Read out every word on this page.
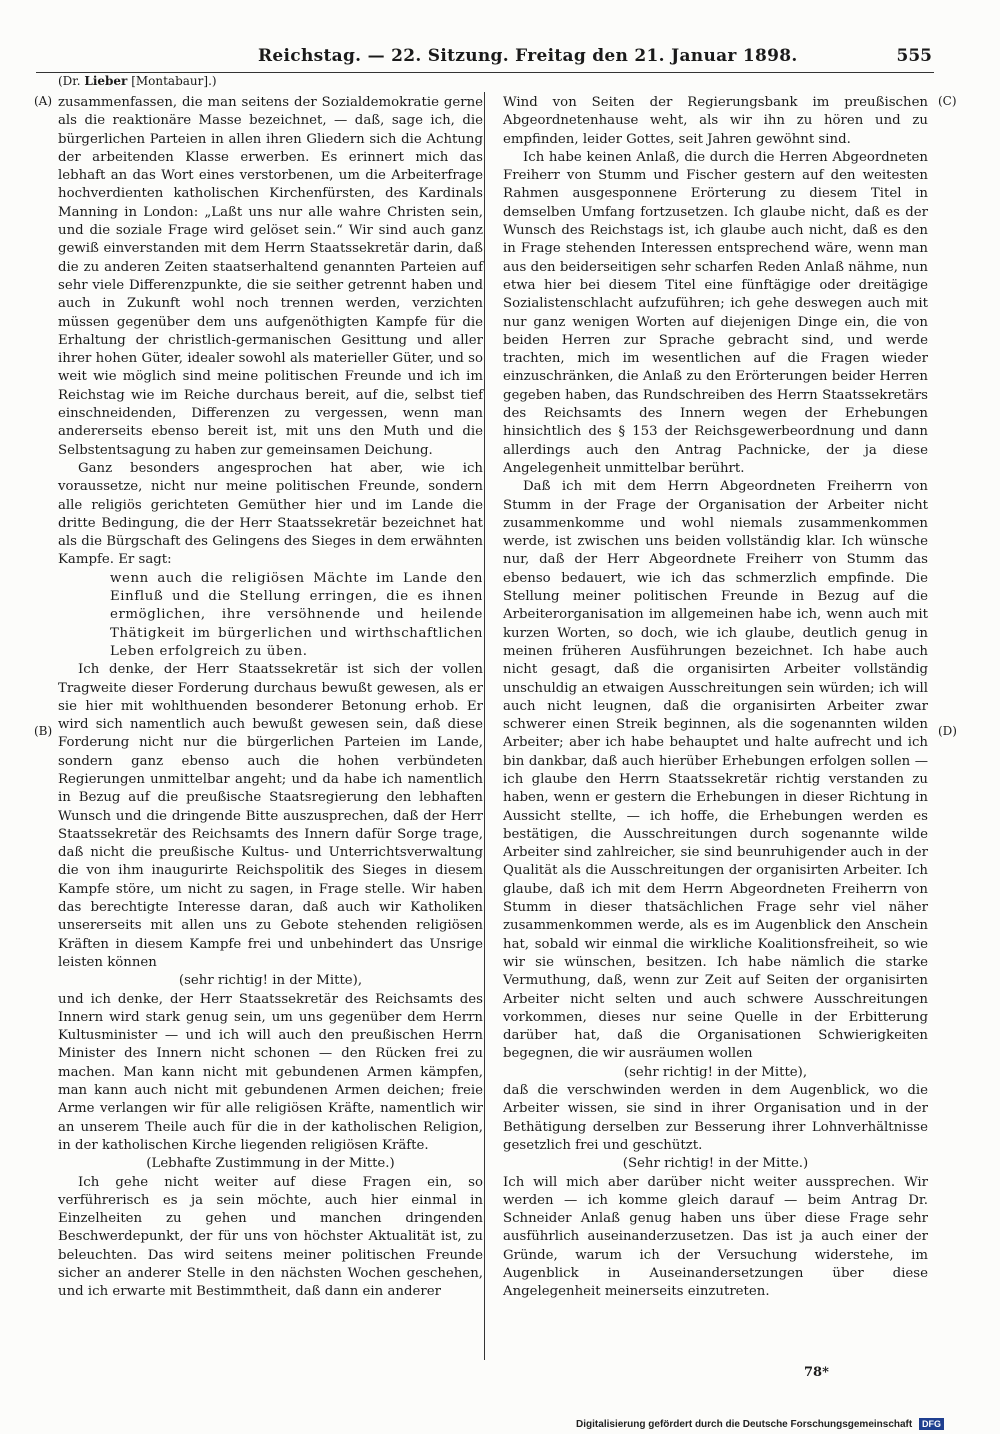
Reichstag. — 22. Sitzung. Freitag den 21. Januar 1898.	555
(Dr. Lieber [Montabaur].)
(A)
(B)
(C)
(D)

zusammenfassen, die man seitens der Sozialdemokratie gerne als die reaktionäre Masse bezeichnet, — daß, sage ich, die bürgerlichen Parteien in allen ihren Gliedern sich die Achtung der arbeitenden Klasse erwerben. Es erinnert mich das lebhaft an das Wort eines verstorbenen, um die Arbeiterfrage hochverdienten katholischen Kirchenfürsten, des Kardinals Manning in London: „Laßt uns nur alle wahre Christen sein, und die soziale Frage wird gelöset sein.“ Wir sind auch ganz gewiß einverstanden mit dem Herrn Staatssekretär darin, daß die zu anderen Zeiten staatserhaltend genannten Parteien auf sehr viele Differenzpunkte, die sie seither getrennt haben und auch in Zukunft wohl noch trennen werden, verzichten müssen gegenüber dem uns aufgenöthigten Kampfe für die Erhaltung der christlich-germanischen Gesittung und aller ihrer hohen Güter, idealer sowohl als materieller Güter, und so weit wie möglich sind meine politischen Freunde und ich im Reichstag wie im Reiche durchaus bereit, auf die, selbst tief einschneidenden, Differenzen zu vergessen, wenn man andererseits ebenso bereit ist, mit uns den Muth und die Selbstentsagung zu haben zur gemeinsamen Deichung.

Ganz besonders angesprochen hat aber, wie ich voraussetze, nicht nur meine politischen Freunde, sondern alle religiös gerichteten Gemüther hier und im Lande die dritte Bedingung, die der Herr Staatssekretär bezeichnet hat als die Bürgschaft des Gelingens des Sieges in dem erwähnten Kampfe. Er sagt:

wenn auch die religiösen Mächte im Lande den Einfluß und die Stellung erringen, die es ihnen ermöglichen, ihre versöhnende und heilende Thätigkeit im bürgerlichen und wirthschaftlichen Leben erfolgreich zu üben.

Ich denke, der Herr Staatssekretär ist sich der vollen Tragweite dieser Forderung durchaus bewußt gewesen, als er sie hier mit wohlthuenden besonderer Betonung erhob. Er wird sich namentlich auch bewußt gewesen sein, daß diese Forderung nicht nur die bürgerlichen Parteien im Lande, sondern ganz ebenso auch die hohen verbündeten Regierungen unmittelbar angeht; und da habe ich namentlich in Bezug auf die preußische Staatsregierung den lebhaften Wunsch und die dringende Bitte auszusprechen, daß der Herr Staatssekretär des Reichsamts des Innern dafür Sorge trage, daß nicht die preußische Kultus- und Unterrichtsverwaltung die von ihm inaugurirte Reichspolitik des Sieges in diesem Kampfe störe, um nicht zu sagen, in Frage stelle. Wir haben das berechtigte Interesse daran, daß auch wir Katholiken unsererseits mit allen uns zu Gebote stehenden religiösen Kräften in diesem Kampfe frei und unbehindert das Unsrige leisten können

(sehr richtig! in der Mitte),

und ich denke, der Herr Staatssekretär des Reichsamts des Innern wird stark genug sein, um uns gegenüber dem Herrn Kultusminister — und ich will auch den preußischen Herrn Minister des Innern nicht schonen — den Rücken frei zu machen. Man kann nicht mit gebundenen Armen kämpfen, man kann auch nicht mit gebundenen Armen deichen; freie Arme verlangen wir für alle religiösen Kräfte, namentlich wir an unserem Theile auch für die in der katholischen Religion, in der katholischen Kirche liegenden religiösen Kräfte.

(Lebhafte Zustimmung in der Mitte.)

Ich gehe nicht weiter auf diese Fragen ein, so verführerisch es ja sein möchte, auch hier einmal in Einzelheiten zu gehen und manchen dringenden Beschwerdepunkt, der für uns von höchster Aktualität ist, zu beleuchten. Das wird seitens meiner politischen Freunde sicher an anderer Stelle in den nächsten Wochen geschehen, und ich erwarte mit Bestimmtheit, daß dann ein anderer

Wind von Seiten der Regierungsbank im preußischen Abgeordnetenhause weht, als wir ihn zu hören und zu empfinden, leider Gottes, seit Jahren gewöhnt sind.

Ich habe keinen Anlaß, die durch die Herren Abgeordneten Freiherr von Stumm und Fischer gestern auf den weitesten Rahmen ausgesponnene Erörterung zu diesem Titel in demselben Umfang fortzusetzen. Ich glaube nicht, daß es der Wunsch des Reichstags ist, ich glaube auch nicht, daß es den in Frage stehenden Interessen entsprechend wäre, wenn man aus den beiderseitigen sehr scharfen Reden Anlaß nähme, nun etwa hier bei diesem Titel eine fünftägige oder dreitägige Sozialistenschlacht aufzuführen; ich gehe deswegen auch mit nur ganz wenigen Worten auf diejenigen Dinge ein, die von beiden Herren zur Sprache gebracht sind, und werde trachten, mich im wesentlichen auf die Fragen wieder einzuschränken, die Anlaß zu den Erörterungen beider Herren gegeben haben, das Rundschreiben des Herrn Staatssekretärs des Reichsamts des Innern wegen der Erhebungen hinsichtlich des § 153 der Reichsgewerbeordnung und dann allerdings auch den Antrag Pachnicke, der ja diese Angelegenheit unmittelbar berührt.

Daß ich mit dem Herrn Abgeordneten Freiherrn von Stumm in der Frage der Organisation der Arbeiter nicht zusammenkomme und wohl niemals zusammenkommen werde, ist zwischen uns beiden vollständig klar. Ich wünsche nur, daß der Herr Abgeordnete Freiherr von Stumm das ebenso bedauert, wie ich das schmerzlich empfinde. Die Stellung meiner politischen Freunde in Bezug auf die Arbeiterorganisation im allgemeinen habe ich, wenn auch mit kurzen Worten, so doch, wie ich glaube, deutlich genug in meinen früheren Ausführungen bezeichnet. Ich habe auch nicht gesagt, daß die organisirten Arbeiter vollständig unschuldig an etwaigen Ausschreitungen sein würden; ich will auch nicht leugnen, daß die organisirten Arbeiter zwar schwerer einen Streik beginnen, als die sogenannten wilden Arbeiter; aber ich habe behauptet und halte aufrecht und ich bin dankbar, daß auch hierüber Erhebungen erfolgen sollen — ich glaube den Herrn Staatssekretär richtig verstanden zu haben, wenn er gestern die Erhebungen in dieser Richtung in Aussicht stellte, — ich hoffe, die Erhebungen werden es bestätigen, die Ausschreitungen durch sogenannte wilde Arbeiter sind zahlreicher, sie sind beunruhigender auch in der Qualität als die Ausschreitungen der organisirten Arbeiter. Ich glaube, daß ich mit dem Herrn Abgeordneten Freiherrn von Stumm in dieser thatsächlichen Frage sehr viel näher zusammenkommen werde, als es im Augenblick den Anschein hat, sobald wir einmal die wirkliche Koalitionsfreiheit, so wie wir sie wünschen, besitzen. Ich habe nämlich die starke Vermuthung, daß, wenn zur Zeit auf Seiten der organisirten Arbeiter nicht selten und auch schwere Ausschreitungen vorkommen, dieses nur seine Quelle in der Erbitterung darüber hat, daß die Organisationen Schwierigkeiten begegnen, die wir ausräumen wollen

(sehr richtig! in der Mitte),

daß die verschwinden werden in dem Augenblick, wo die Arbeiter wissen, sie sind in ihrer Organisation und in der Bethätigung derselben zur Besserung ihrer Lohnverhältnisse gesetzlich frei und geschützt.

(Sehr richtig! in der Mitte.)

Ich will mich aber darüber nicht weiter aussprechen. Wir werden — ich komme gleich darauf — beim Antrag Dr. Schneider Anlaß genug haben uns über diese Frage sehr ausführlich auseinanderzusetzen. Das ist ja auch einer der Gründe, warum ich der Versuchung widerstehe, im Augenblick in Auseinandersetzungen über diese Angelegenheit meinerseits einzutreten.

78*
Digitalisierung gefördert durch die Deutsche Forschungsgemeinschaft DFG
